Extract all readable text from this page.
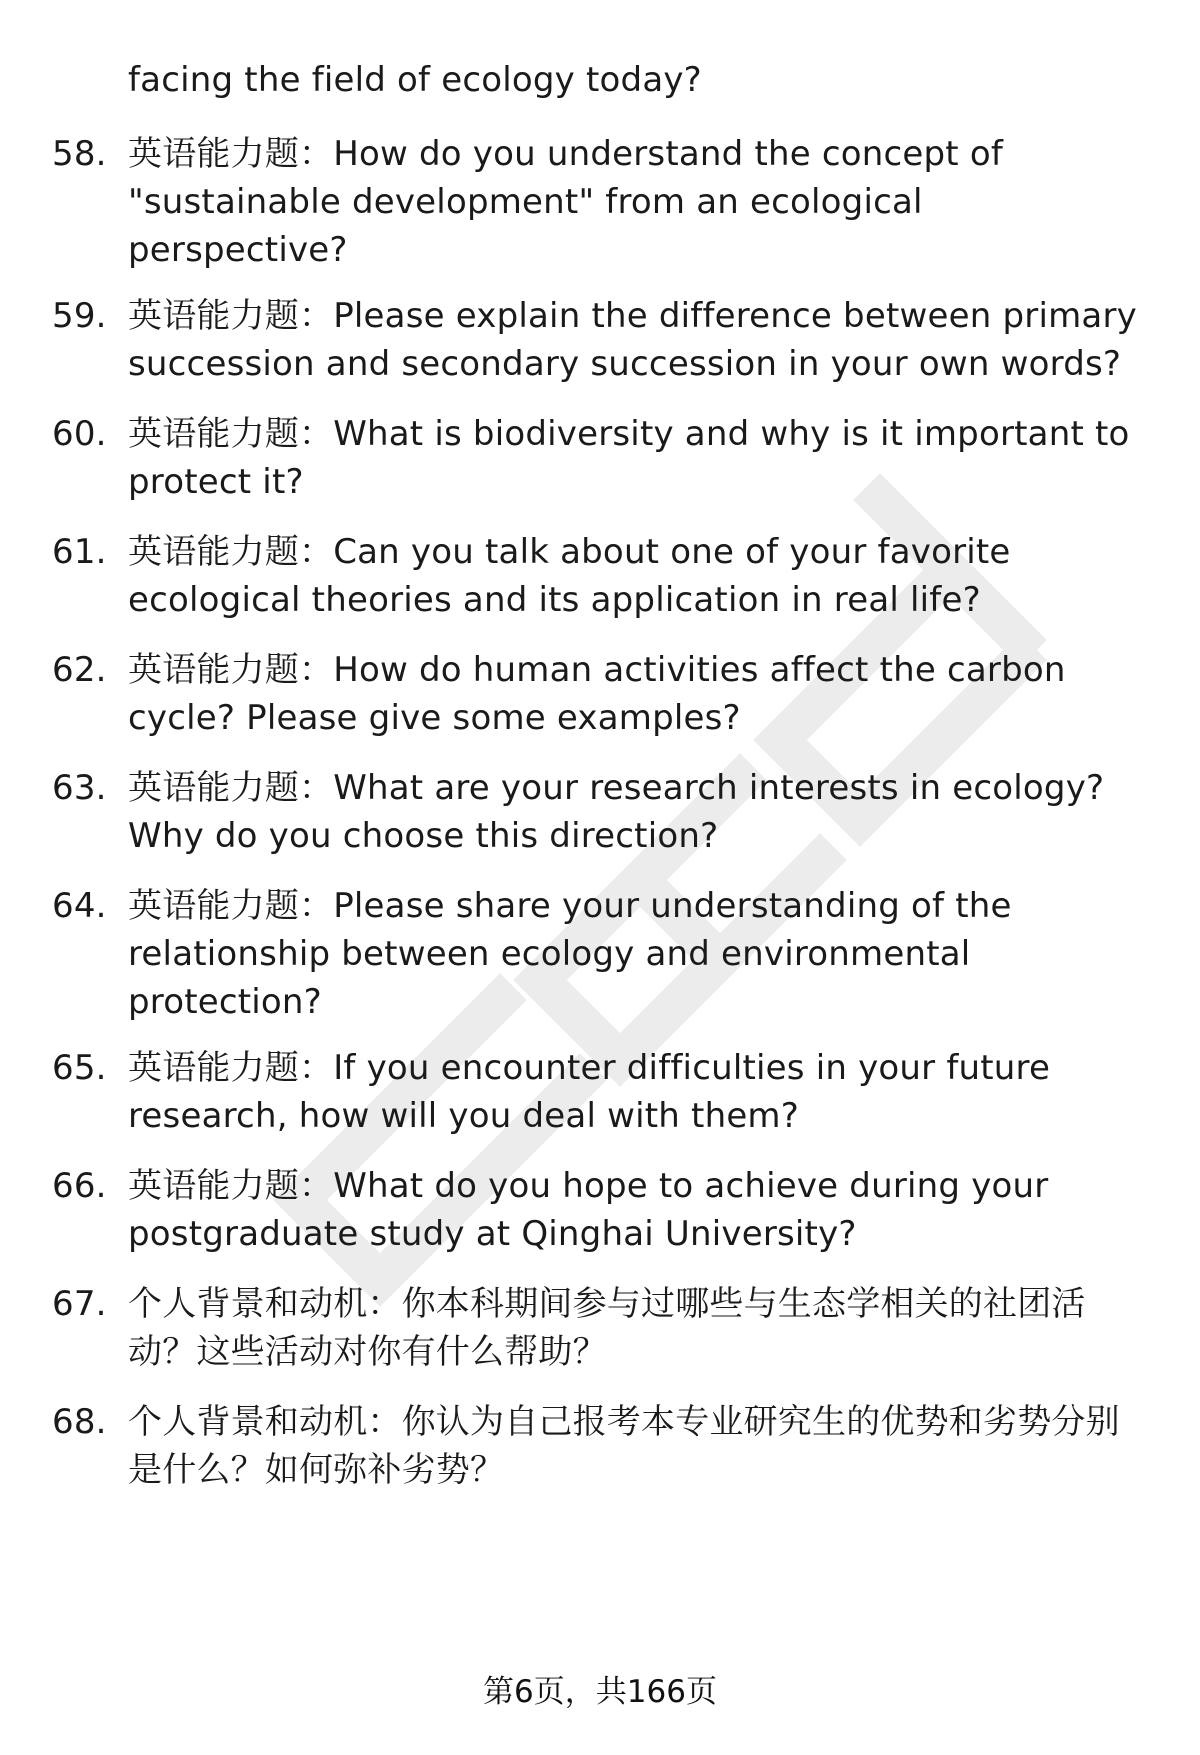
facing the field of ecology today?
58. 英语能力题：How do you understand the concept of "sustainable development" from an ecological perspective?
59. 英语能力题：Please explain the difference between primary succession and secondary succession in your own words?
60. 英语能力题：What is biodiversity and why is it important to protect it?
61. 英语能力题：Can you talk about one of your favorite ecological theories and its application in real life?
62. 英语能力题：How do human activities affect the carbon cycle? Please give some examples?
63. 英语能力题：What are your research interests in ecology? Why do you choose this direction?
64. 英语能力题：Please share your understanding of the relationship between ecology and environmental protection?
65. 英语能力题：If you encounter difficulties in your future research, how will you deal with them?
66. 英语能力题：What do you hope to achieve during your postgraduate study at Qinghai University?
67. 个人背景和动机：你本科期间参与过哪些与生态学相关的社团活动？这些活动对你有什么帮助？
68. 个人背景和动机：你认为自己报考本专业研究生的优势和劣势分别是什么？如何弥补劣势？
第6页，共166页
